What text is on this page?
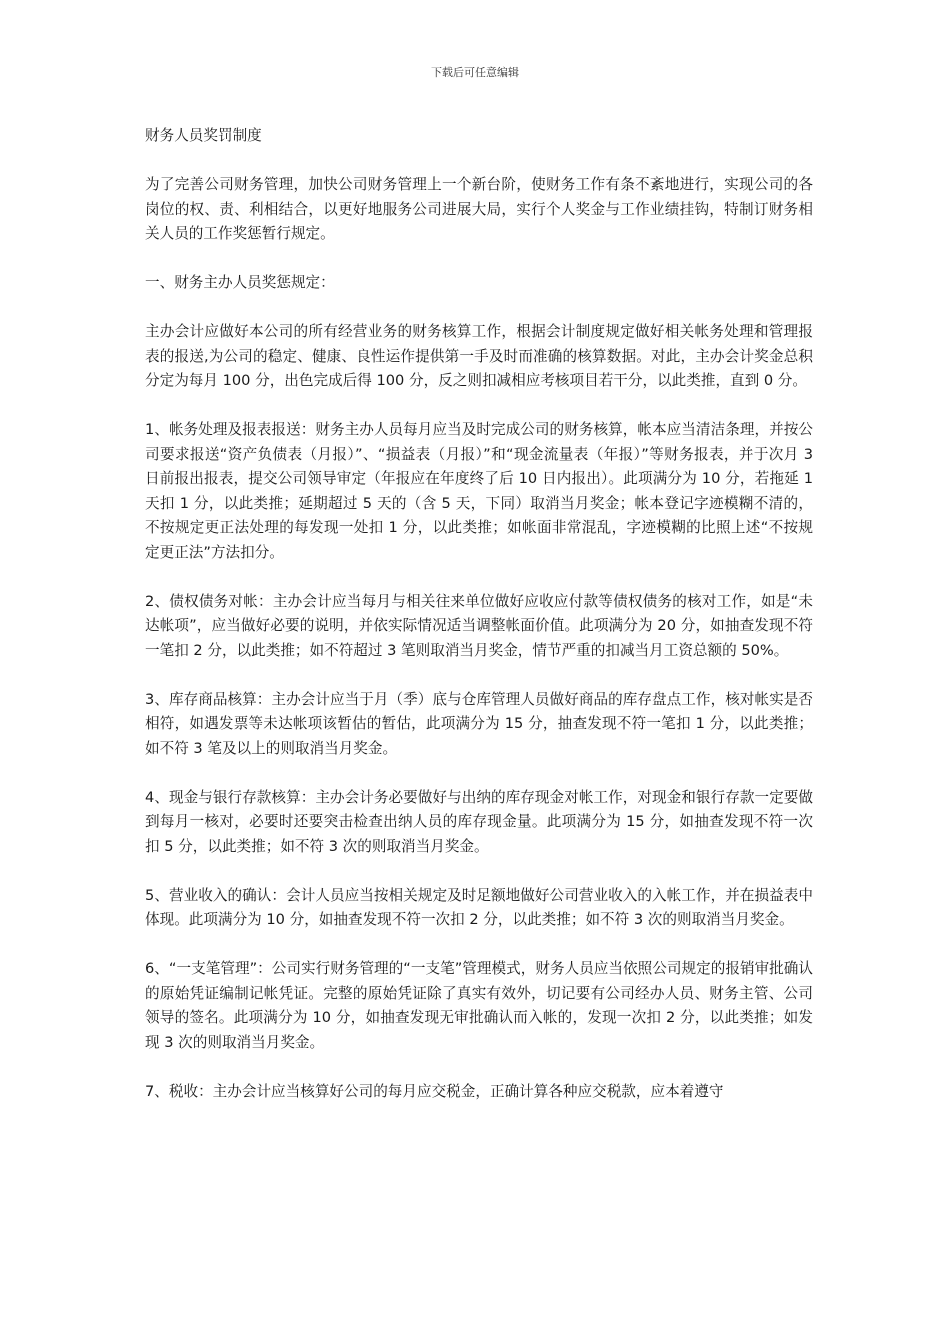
下载后可任意编辑

财务人员奖罚制度

为了完善公司财务管理，加快公司财务管理上一个新台阶，使财务工作有条不紊地进行，实现公司的各岗位的权、责、利相结合，以更好地服务公司进展大局，实行个人奖金与工作业绩挂钩，特制订财务相关人员的工作奖惩暂行规定。

一、财务主办人员奖惩规定：

主办会计应做好本公司的所有经营业务的财务核算工作，根据会计制度规定做好相关帐务处理和管理报表的报送,为公司的稳定、健康、良性运作提供第一手及时而准确的核算数据。对此，主办会计奖金总积分定为每月 100 分，出色完成后得 100 分，反之则扣减相应考核项目若干分，以此类推，直到 0 分。

1、帐务处理及报表报送：财务主办人员每月应当及时完成公司的财务核算，帐本应当清洁条理，并按公司要求报送“资产负债表（月报）”、“损益表（月报）”和“现金流量表（年报）”等财务报表，并于次月 3 日前报出报表，提交公司领导审定（年报应在年度终了后 10 日内报出）。此项满分为 10 分，若拖延 1 天扣 1 分，以此类推；延期超过 5 天的（含 5 天，下同）取消当月奖金；帐本登记字迹模糊不清的，不按规定更正法处理的每发现一处扣 1 分，以此类推；如帐面非常混乱，字迹模糊的比照上述“不按规定更正法”方法扣分。

2、债权债务对帐：主办会计应当每月与相关往来单位做好应收应付款等债权债务的核对工作，如是“未达帐项”，应当做好必要的说明，并依实际情况适当调整帐面价值。此项满分为 20 分，如抽查发现不符一笔扣 2 分，以此类推；如不符超过 3 笔则取消当月奖金，情节严重的扣减当月工资总额的 50%。

3、库存商品核算：主办会计应当于月（季）底与仓库管理人员做好商品的库存盘点工作，核对帐实是否相符，如遇发票等未达帐项该暂估的暂估，此项满分为 15 分，抽查发现不符一笔扣 1 分，以此类推；如不符 3 笔及以上的则取消当月奖金。

4、现金与银行存款核算：主办会计务必要做好与出纳的库存现金对帐工作，对现金和银行存款一定要做到每月一核对，必要时还要突击检查出纳人员的库存现金量。此项满分为 15 分，如抽查发现不符一次扣 5 分，以此类推；如不符 3 次的则取消当月奖金。

5、营业收入的确认：会计人员应当按相关规定及时足额地做好公司营业收入的入帐工作，并在损益表中体现。此项满分为 10 分，如抽查发现不符一次扣 2 分，以此类推；如不符 3 次的则取消当月奖金。

6、“一支笔管理”：公司实行财务管理的“一支笔”管理模式，财务人员应当依照公司规定的报销审批确认的原始凭证编制记帐凭证。完整的原始凭证除了真实有效外，切记要有公司经办人员、财务主管、公司领导的签名。此项满分为 10 分，如抽查发现无审批确认而入帐的，发现一次扣 2 分，以此类推；如发现 3 次的则取消当月奖金。

7、税收：主办会计应当核算好公司的每月应交税金，正确计算各种应交税款，应本着遵守
